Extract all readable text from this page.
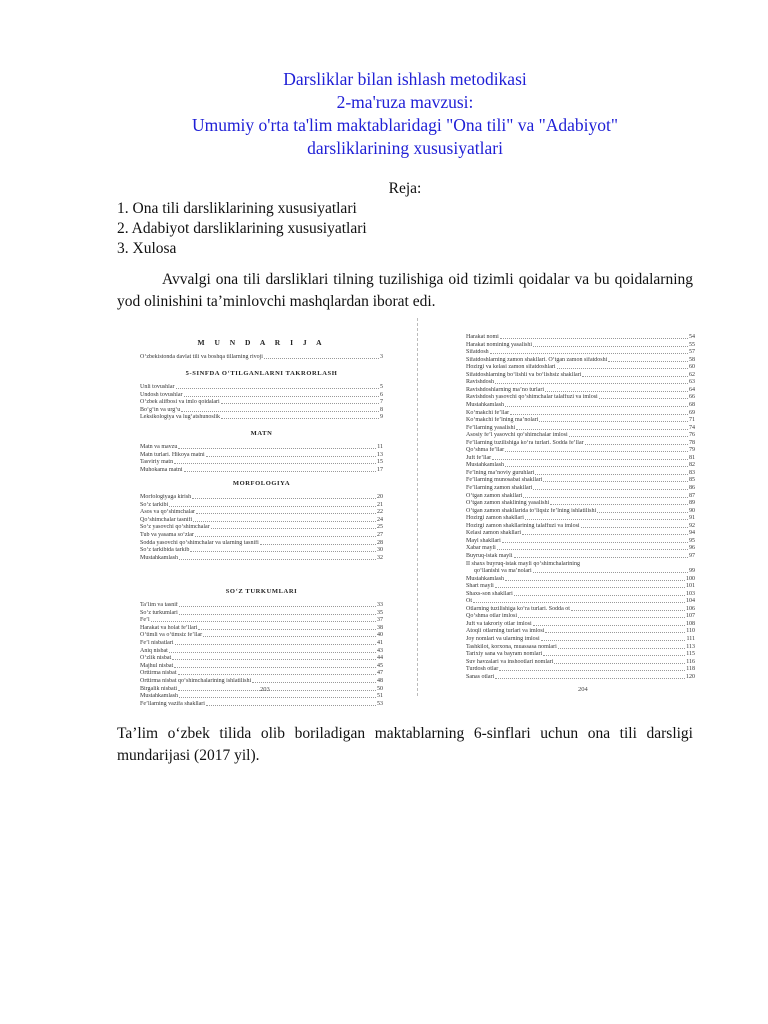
Darsliklar bilan ishlash metodikasi
2-ma'ruza mavzusi:
Umumiy o'rta ta'lim maktablaridagi "Ona tili" va "Adabiyot"
darsliklarining xususiyatlari
Reja:
1. Ona tili darsliklarining xususiyatlari
2. Adabiyot darsliklarining xususiyatlari
3. Xulosa
Avvalgi ona tili darsliklari tilning tuzilishiga oid tizimli qoidalar va bu qoidalarning yod olinishini ta’minlovchi mashqlardan iborat edi.
M U N D A R I J A
O‘zbekistonda davlat tili va boshqa tillarning rivoji	3
5-SINFDA O‘TILGANLARNI TAKRORLASH
Unli tovushlar	5
Undosh tovushlar	6
O‘zbek alifbosi va imlo qoidalari	7
Bo‘g‘in va urg‘u	8
Leksikologiya va lug‘atshunoslik	9
MATN
Matn va mavzu	11
Matn turlari. Hikoya matni	13
Tasviriy matn	15
Muhokama matni	17
MORFOLOGIYA
Morfologiyaga kirish	20
So‘z tarkibi	21
Asos va qo‘shimchalar	22
Qo‘shimchalar tasnifi	24
So‘z yasovchi qo‘shimchalar	25
Tub va yasama so‘zlar	27
Sodda yasovchi qo‘shimchalar va ularning tasnifi	28
So‘z tarkibida tarkib	30
Mustahkamlash	32
SO‘Z TURKUMLARI
Ta’lim va tasnif	33
So‘z turkumlari	35
Fe’l	37
Harakat va holat fe’llari	38
O‘timli va o‘timsiz fe’llar	40
Fe’l nisbatlari	41
Aniq nisbat	43
O‘zlik nisbat	44
Majhul nisbat	45
Orttirma nisbat	47
Orttirma nisbat qo‘shimchalarining ishlatilishi	48
Birgalik nisbati	50
Mustahkamlash	51
Fe’llarning vazifa shakllari	53
203
Harakat nomi	54
Harakat nomining yasalishi	55
Sifatdosh	57
Sifatdoshlarning zamon shakllari. O‘tgan zamon sifatdoshi	58
Hozirgi va kelasi zamon sifatdoshlari	60
Sifatdoshlarning bo‘lishli va bo‘lishsiz shakllari	62
Ravishdosh	63
Ravishdoshlarning ma’no turlari	64
Ravishdosh yasovchi qo‘shimchalar talaffuzi va imlosi	66
Mustahkamlash	68
Ko‘makchi fe’llar	69
Ko‘makchi fe’lning ma’nolari	71
Fe’llarning yasalishi	74
Asosiy fe’l yasovchi qo‘shimchalar imlosi	76
Fe’llarning tuzilishiga ko‘ra turlari. Sodda fe’llar	78
Qo‘shma fe’llar	79
Juft fe’llar	81
Mustahkamlash	82
Fe’lning ma’noviy guruhlari	83
Fe’llarning munosabat shakllari	85
Fe’llarning zamon shakllari	86
O‘tgan zamon shakllari	87
O‘tgan zamon shaklining yasalishi	89
O‘tgan zamon shakllarida to‘liqsiz fe’lning ishlatilishi	90
Hozirgi zamon shakllari	91
Hozirgi zamon shakllarining talaffuzi va imlosi	92
Kelasi zamon shakllari	94
Mayl shakllari	95
Xabar mayli	96
Buyruq-istak mayli	97
II shaxs buyruq-istak mayli qo‘shimchalarining
qo‘llanishi va ma’nolari	99
Mustahkamlash	100
Shart mayli	101
Shaxs-son shakllari	103
Ot	104
Otlarning tuzilishiga ko‘ra turlari. Sodda ot	106
Qo‘shma otlar imlosi	107
Juft va takroriy otlar imlosi	108
Atoqli otlarning turlari va imlosi	110
Joy nomlari va ularning imlosi	111
Tashkilot, korxona, muassasa nomlari	113
Tarixiy sana va bayram nomlari	115
Suv havzalari va inshootlari nomlari	116
Turdosh otlar	118
Sanas otlari	120
204
Ta’lim o‘zbek tilida olib boriladigan maktablarning 6-sinflari uchun ona tili darsligi mundarijasi (2017 yil).
